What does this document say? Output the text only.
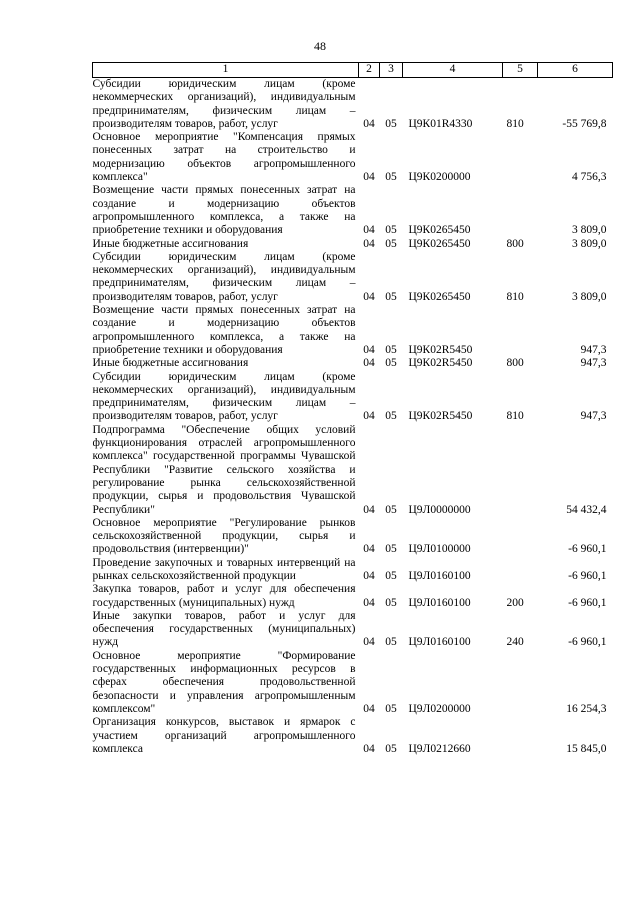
48
1	2	3	4	5	6
Субсидии юридическим лицам (кроме некоммерческих организаций), индивидуальным предпринимателям, физическим лицам – производителям товаров, работ, услуг	04	05	Ц9К01R4330	810	-55 769,8
Основное мероприятие "Компенсация прямых понесенных затрат на строительство и модернизацию объектов агропромышленного комплекса"	04	05	Ц9К0200000		4 756,3
Возмещение части прямых понесенных затрат на создание и модернизацию объектов агропромышленного комплекса, а также на приобретение техники и оборудования	04	05	Ц9К0265450		3 809,0
Иные бюджетные ассигнования	04	05	Ц9К0265450	800	3 809,0
Субсидии юридическим лицам (кроме некоммерческих организаций), индивидуальным предпринимателям, физическим лицам – производителям товаров, работ, услуг	04	05	Ц9К0265450	810	3 809,0
Возмещение части прямых понесенных затрат на создание и модернизацию объектов агропромышленного комплекса, а также на приобретение техники и оборудования	04	05	Ц9К02R5450		947,3
Иные бюджетные ассигнования	04	05	Ц9К02R5450	800	947,3
Субсидии юридическим лицам (кроме некоммерческих организаций), индивидуальным предпринимателям, физическим лицам – производителям товаров, работ, услуг	04	05	Ц9К02R5450	810	947,3
Подпрограмма "Обеспечение общих условий функционирования отраслей агропромышленного комплекса" государственной программы Чувашской Республики "Развитие сельского хозяйства и регулирование рынка сельскохозяйственной продукции, сырья и продовольствия Чувашской Республики"	04	05	Ц9Л0000000		54 432,4
Основное мероприятие "Регулирование рынков сельскохозяйственной продукции, сырья и продовольствия (интервенции)"	04	05	Ц9Л0100000		-6 960,1
Проведение закупочных и товарных интервенций на рынках сельскохозяйственной продукции	04	05	Ц9Л0160100		-6 960,1
Закупка товаров, работ и услуг для обеспечения государственных (муниципальных) нужд	04	05	Ц9Л0160100	200	-6 960,1
Иные закупки товаров, работ и услуг для обеспечения государственных (муниципальных) нужд	04	05	Ц9Л0160100	240	-6 960,1
Основное мероприятие "Формирование государственных информационных ресурсов в сферах обеспечения продовольственной безопасности и управления агропромышленным комплексом"	04	05	Ц9Л0200000		16 254,3
Организация конкурсов, выставок и ярмарок с участием организаций агропромышленного комплекса	04	05	Ц9Л0212660		15 845,0
